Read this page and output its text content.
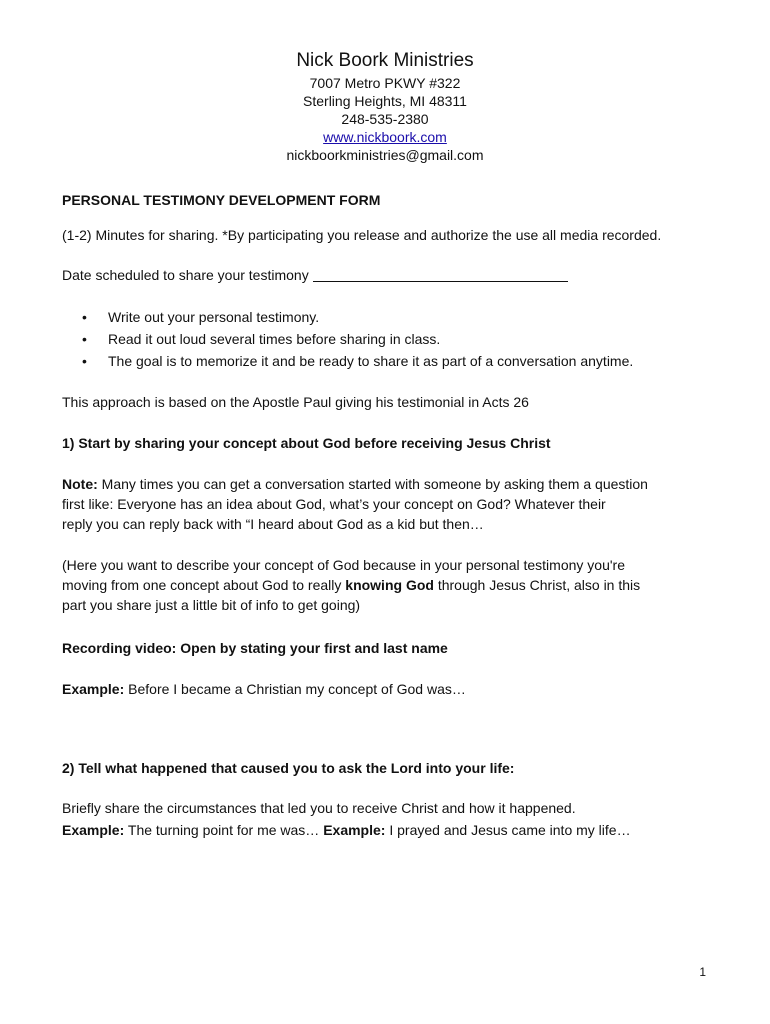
Nick Boork Ministries
7007 Metro PKWY #322
Sterling Heights, MI 48311
248-535-2380
www.nickboork.com
nickboorkministries@gmail.com
PERSONAL TESTIMONY DEVELOPMENT FORM
(1-2) Minutes for sharing. *By participating you release and authorize the use all media recorded.
Date scheduled to share your testimony
• Write out your personal testimony.
• Read it out loud several times before sharing in class.
• The goal is to memorize it and be ready to share it as part of a conversation anytime.
This approach is based on the Apostle Paul giving his testimonial in Acts 26
1) Start by sharing your concept about God before receiving Jesus Christ
Note: Many times you can get a conversation started with someone by asking them a question
first like: Everyone has an idea about God, what’s your concept on God? Whatever their
reply you can reply back with “I heard about God as a kid but then…
(Here you want to describe your concept of God because in your personal testimony you're
moving from one concept about God to really knowing God through Jesus Christ, also in this
part you share just a little bit of info to get going)
Recording video: Open by stating your first and last name
Example: Before I became a Christian my concept of God was…
2) Tell what happened that caused you to ask the Lord into your life:
Briefly share the circumstances that led you to receive Christ and how it happened.
Example: The turning point for me was… Example: I prayed and Jesus came into my life…
1
